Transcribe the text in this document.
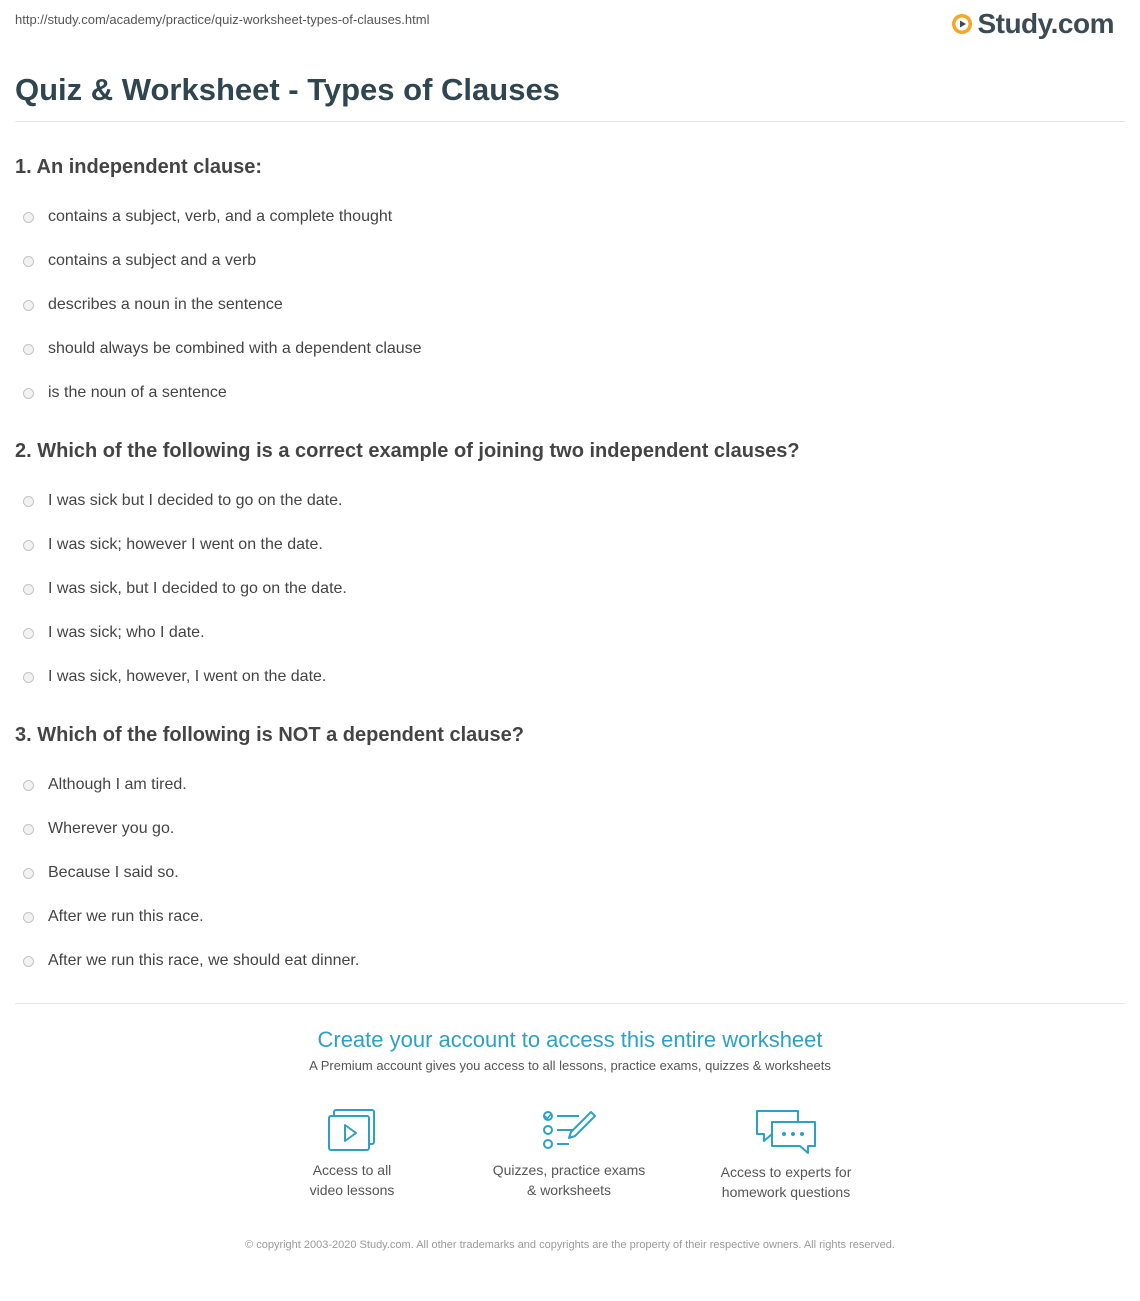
http://study.com/academy/practice/quiz-worksheet-types-of-clauses.html	Study.com
Quiz & Worksheet - Types of Clauses

1. An independent clause:

contains a subject, verb, and a complete thought
contains a subject and a verb
describes a noun in the sentence
should always be combined with a dependent clause
is the noun of a sentence

2. Which of the following is a correct example of joining two independent clauses?

I was sick but I decided to go on the date.
I was sick; however I went on the date.
I was sick, but I decided to go on the date.
I was sick; who I date.
I was sick, however, I went on the date.

3. Which of the following is NOT a dependent clause?

Although I am tired.
Wherever you go.
Because I said so.
After we run this race.
After we run this race, we should eat dinner.
Create your account to access this entire worksheet
A Premium account gives you access to all lessons, practice exams, quizzes & worksheets
Access to all
video lessons
Quizzes, practice exams
& worksheets
Access to experts for
homework questions
© copyright 2003-2020 Study.com. All other trademarks and copyrights are the property of their respective owners. All rights reserved.
